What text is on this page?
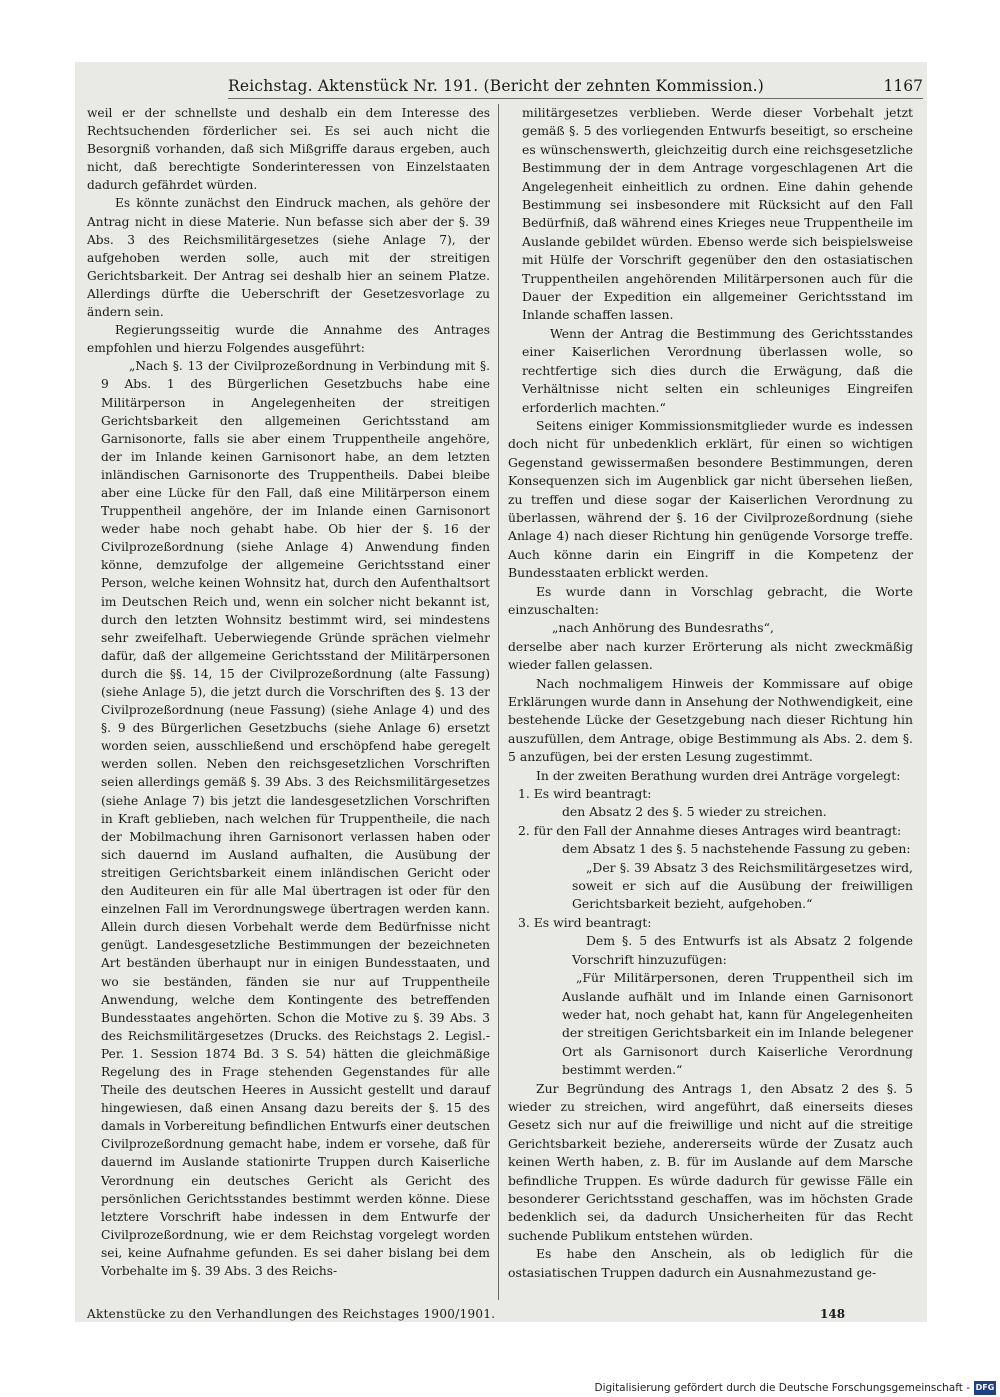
Reichstag. Aktenstück Nr. 191. (Bericht der zehnten Kommission.)	1167

weil er der schnellste und deshalb ein dem Interesse des Rechtsuchenden förderlicher sei. Es sei auch nicht die Besorgniß vorhanden, daß sich Mißgriffe daraus ergeben, auch nicht, daß berechtigte Sonderinteressen von Einzelstaaten dadurch gefährdet würden.

Es könnte zunächst den Eindruck machen, als gehöre der Antrag nicht in diese Materie. Nun befasse sich aber der §. 39 Abs. 3 des Reichsmilitärgesetzes (siehe Anlage 7), der aufgehoben werden solle, auch mit der streitigen Gerichtsbarkeit. Der Antrag sei deshalb hier an seinem Platze. Allerdings dürfte die Ueberschrift der Gesetzesvorlage zu ändern sein.

Regierungsseitig wurde die Annahme des Antrages empfohlen und hierzu Folgendes ausgeführt:

„Nach §. 13 der Civilprozeßordnung in Verbindung mit §. 9 Abs. 1 des Bürgerlichen Gesetzbuchs habe eine Militärperson in Angelegenheiten der streitigen Gerichtsbarkeit den allgemeinen Gerichtsstand am Garnisonorte, falls sie aber einem Truppentheile angehöre, der im Inlande keinen Garnisonort habe, an dem letzten inländischen Garnisonorte des Truppentheils. Dabei bleibe aber eine Lücke für den Fall, daß eine Militärperson einem Truppentheil angehöre, der im Inlande einen Garnisonort weder habe noch gehabt habe. Ob hier der §. 16 der Civilprozeßordnung (siehe Anlage 4) Anwendung finden könne, demzufolge der allgemeine Gerichtsstand einer Person, welche keinen Wohnsitz hat, durch den Aufenthaltsort im Deutschen Reich und, wenn ein solcher nicht bekannt ist, durch den letzten Wohnsitz bestimmt wird, sei mindestens sehr zweifelhaft. Ueberwiegende Gründe sprächen vielmehr dafür, daß der allgemeine Gerichtsstand der Militärpersonen durch die §§. 14, 15 der Civilprozeßordnung (alte Fassung) (siehe Anlage 5), die jetzt durch die Vorschriften des §. 13 der Civilprozeßordnung (neue Fassung) (siehe Anlage 4) und des §. 9 des Bürgerlichen Gesetzbuchs (siehe Anlage 6) ersetzt worden seien, ausschließend und erschöpfend habe geregelt werden sollen. Neben den reichsgesetzlichen Vorschriften seien allerdings gemäß §. 39 Abs. 3 des Reichsmilitärgesetzes (siehe Anlage 7) bis jetzt die landesgesetzlichen Vorschriften in Kraft geblieben, nach welchen für Truppentheile, die nach der Mobilmachung ihren Garnisonort verlassen haben oder sich dauernd im Ausland aufhalten, die Ausübung der streitigen Gerichtsbarkeit einem inländischen Gericht oder den Auditeuren ein für alle Mal übertragen ist oder für den einzelnen Fall im Verordnungswege übertragen werden kann. Allein durch diesen Vorbehalt werde dem Bedürfnisse nicht genügt. Landesgesetzliche Bestimmungen der bezeichneten Art beständen überhaupt nur in einigen Bundesstaaten, und wo sie beständen, fänden sie nur auf Truppentheile Anwendung, welche dem Kontingente des betreffenden Bundesstaates angehörten. Schon die Motive zu §. 39 Abs. 3 des Reichsmilitärgesetzes (Drucks. des Reichstags 2. Legisl.-Per. 1. Session 1874 Bd. 3 S. 54) hätten die gleichmäßige Regelung des in Frage stehenden Gegenstandes für alle Theile des deutschen Heeres in Aussicht gestellt und darauf hingewiesen, daß einen Ansang dazu bereits der §. 15 des damals in Vorbereitung befindlichen Entwurfs einer deutschen Civilprozeßordnung gemacht habe, indem er vorsehe, daß für dauernd im Auslande stationirte Truppen durch Kaiserliche Verordnung ein deutsches Gericht als Gericht des persönlichen Gerichtsstandes bestimmt werden könne. Diese letztere Vorschrift habe indessen in dem Entwurfe der Civilprozeßordnung, wie er dem Reichstag vorgelegt worden sei, keine Aufnahme gefunden. Es sei daher bislang bei dem Vorbehalte im §. 39 Abs. 3 des Reichs-

militärgesetzes verblieben. Werde dieser Vorbehalt jetzt gemäß §. 5 des vorliegenden Entwurfs beseitigt, so erscheine es wünschenswerth, gleichzeitig durch eine reichsgesetzliche Bestimmung der in dem Antrage vorgeschlagenen Art die Angelegenheit einheitlich zu ordnen. Eine dahin gehende Bestimmung sei insbesondere mit Rücksicht auf den Fall Bedürfniß, daß während eines Krieges neue Truppentheile im Auslande gebildet würden. Ebenso werde sich beispielsweise mit Hülfe der Vorschrift gegenüber den den ostasiatischen Truppentheilen angehörenden Militärpersonen auch für die Dauer der Expedition ein allgemeiner Gerichtsstand im Inlande schaffen lassen.

Wenn der Antrag die Bestimmung des Gerichtsstandes einer Kaiserlichen Verordnung überlassen wolle, so rechtfertige sich dies durch die Erwägung, daß die Verhältnisse nicht selten ein schleuniges Eingreifen erforderlich machten.“

Seitens einiger Kommissionsmitglieder wurde es indessen doch nicht für unbedenklich erklärt, für einen so wichtigen Gegenstand gewissermaßen besondere Bestimmungen, deren Konsequenzen sich im Augenblick gar nicht übersehen ließen, zu treffen und diese sogar der Kaiserlichen Verordnung zu überlassen, während der §. 16 der Civilprozeßordnung (siehe Anlage 4) nach dieser Richtung hin genügende Vorsorge treffe. Auch könne darin ein Eingriff in die Kompetenz der Bundesstaaten erblickt werden.

Es wurde dann in Vorschlag gebracht, die Worte einzuschalten:

„nach Anhörung des Bundesraths“,

derselbe aber nach kurzer Erörterung als nicht zweckmäßig wieder fallen gelassen.

Nach nochmaligem Hinweis der Kommissare auf obige Erklärungen wurde dann in Ansehung der Nothwendigkeit, eine bestehende Lücke der Gesetzgebung nach dieser Richtung hin auszufüllen, dem Antrage, obige Bestimmung als Abs. 2. dem §. 5 anzufügen, bei der ersten Lesung zugestimmt.

In der zweiten Berathung wurden drei Anträge vorgelegt:

1. Es wird beantragt:

den Absatz 2 des §. 5 wieder zu streichen.

2. für den Fall der Annahme dieses Antrages wird beantragt:

dem Absatz 1 des §. 5 nachstehende Fassung zu geben:

„Der §. 39 Absatz 3 des Reichsmilitärgesetzes wird, soweit er sich auf die Ausübung der freiwilligen Gerichtsbarkeit bezieht, aufgehoben.“

3. Es wird beantragt:

Dem §. 5 des Entwurfs ist als Absatz 2 folgende Vorschrift hinzuzufügen:

„Für Militärpersonen, deren Truppentheil sich im Auslande aufhält und im Inlande einen Garnisonort weder hat, noch gehabt hat, kann für Angelegenheiten der streitigen Gerichtsbarkeit ein im Inlande belegener Ort als Garnisonort durch Kaiserliche Verordnung bestimmt werden.“

Zur Begründung des Antrags 1, den Absatz 2 des §. 5 wieder zu streichen, wird angeführt, daß einerseits dieses Gesetz sich nur auf die freiwillige und nicht auf die streitige Gerichtsbarkeit beziehe, andererseits würde der Zusatz auch keinen Werth haben, z. B. für im Auslande auf dem Marsche befindliche Truppen. Es würde dadurch für gewisse Fälle ein besonderer Gerichtsstand geschaffen, was im höchsten Grade bedenklich sei, da dadurch Unsicherheiten für das Recht suchende Publikum entstehen würden.

Es habe den Anschein, als ob lediglich für die ostasiatischen Truppen dadurch ein Ausnahmezustand ge-

Aktenstücke zu den Verhandlungen des Reichstages 1900/1901.	148
Digitalisierung gefördert durch die Deutsche Forschungsgemeinschaft - DFG
